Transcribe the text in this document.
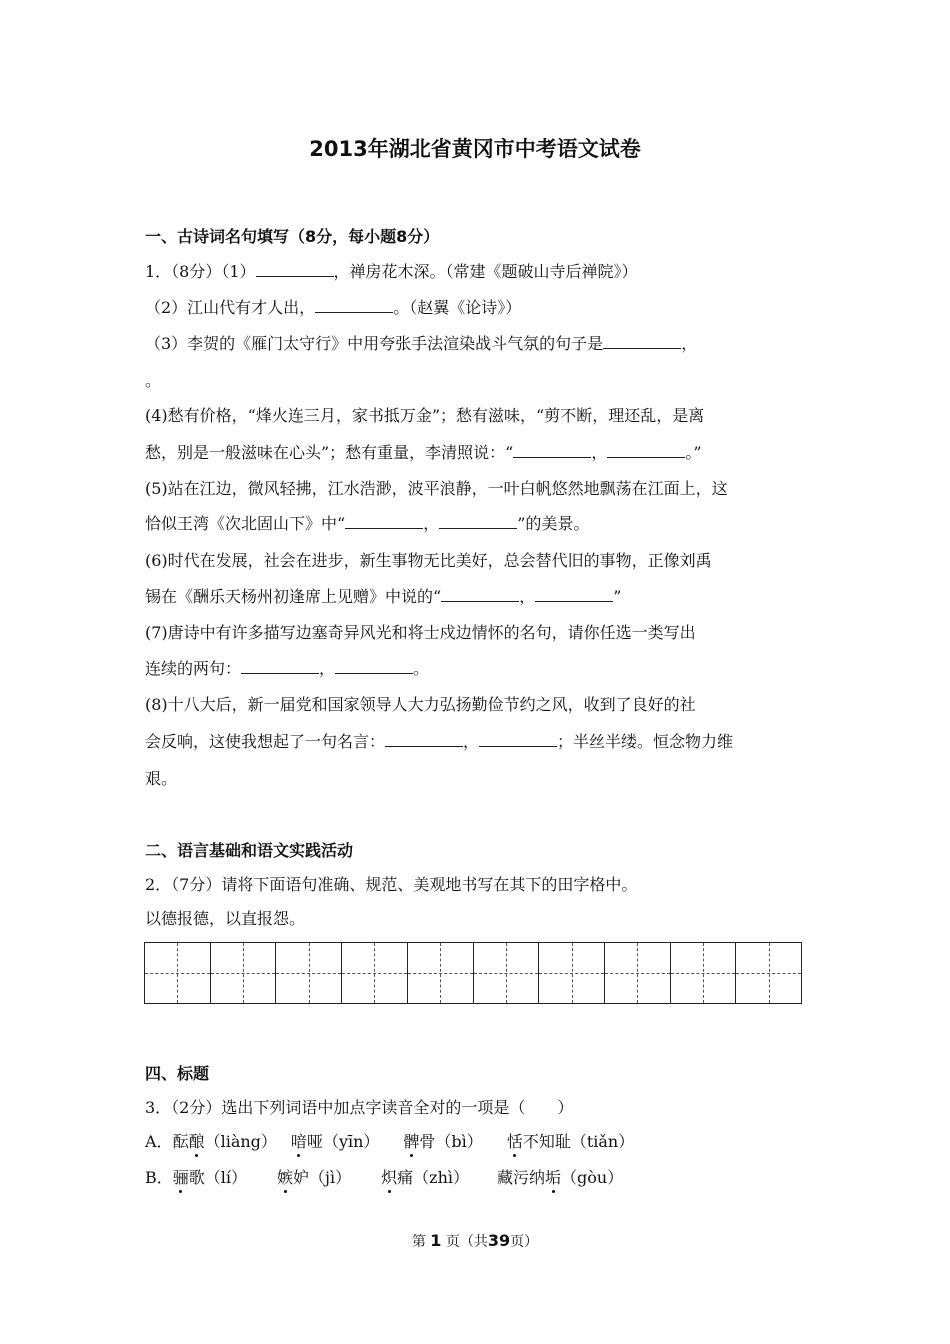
2013年湖北省黄冈市中考语文试卷
一、古诗词名句填写（8分，每小题8分）
1．（8分）（1）	，禅房花木深。（常建《题破山寺后禅院》）
（2）江山代有才人出，	。（赵翼《论诗》）
（3）李贺的《雁门太守行》中用夸张手法渲染战斗气氛的句子是	，
。
(4)愁有价格，“烽火连三月，家书抵万金”；愁有滋味，“剪不断，理还乱，是离
愁，别是一般滋味在心头”；愁有重量，李清照说：“	，	。”
(5)站在江边，微风轻拂，江水浩渺，波平浪静，一叶白帆悠然地飘荡在江面上，这
恰似王湾《次北固山下》中“	，	”的美景。
(6)时代在发展，社会在进步，新生事物无比美好，总会替代旧的事物，正像刘禹
锡在《酬乐天杨州初逢席上见赠》中说的“	，	”
(7)唐诗中有许多描写边塞奇异风光和将士戍边情怀的名句，请你任选一类写出
连续的两句：	，	。
(8)十八大后，新一届党和国家领导人大力弘扬勤俭节约之风，收到了良好的社
会反响，这使我想起了一句名言：	，	；半丝半缕。恒念物力维
艰。
二、语言基础和语文实践活动
2．（7分）请将下面语句准确、规范、美观地书写在其下的田字格中。
以德报德，以直报怨。
四、标题
3．（2分）选出下列词语中加点字读音全对的一项是（　　）
A．酝酿（liàng） 喑哑（yīn） 髀骨（bì） 恬不知耻（tiǎn）
B．骊歌（lí） 嫉妒（jì） 炽痛（zhì） 藏污纳垢（gòu）
第 1 页（共39页）
